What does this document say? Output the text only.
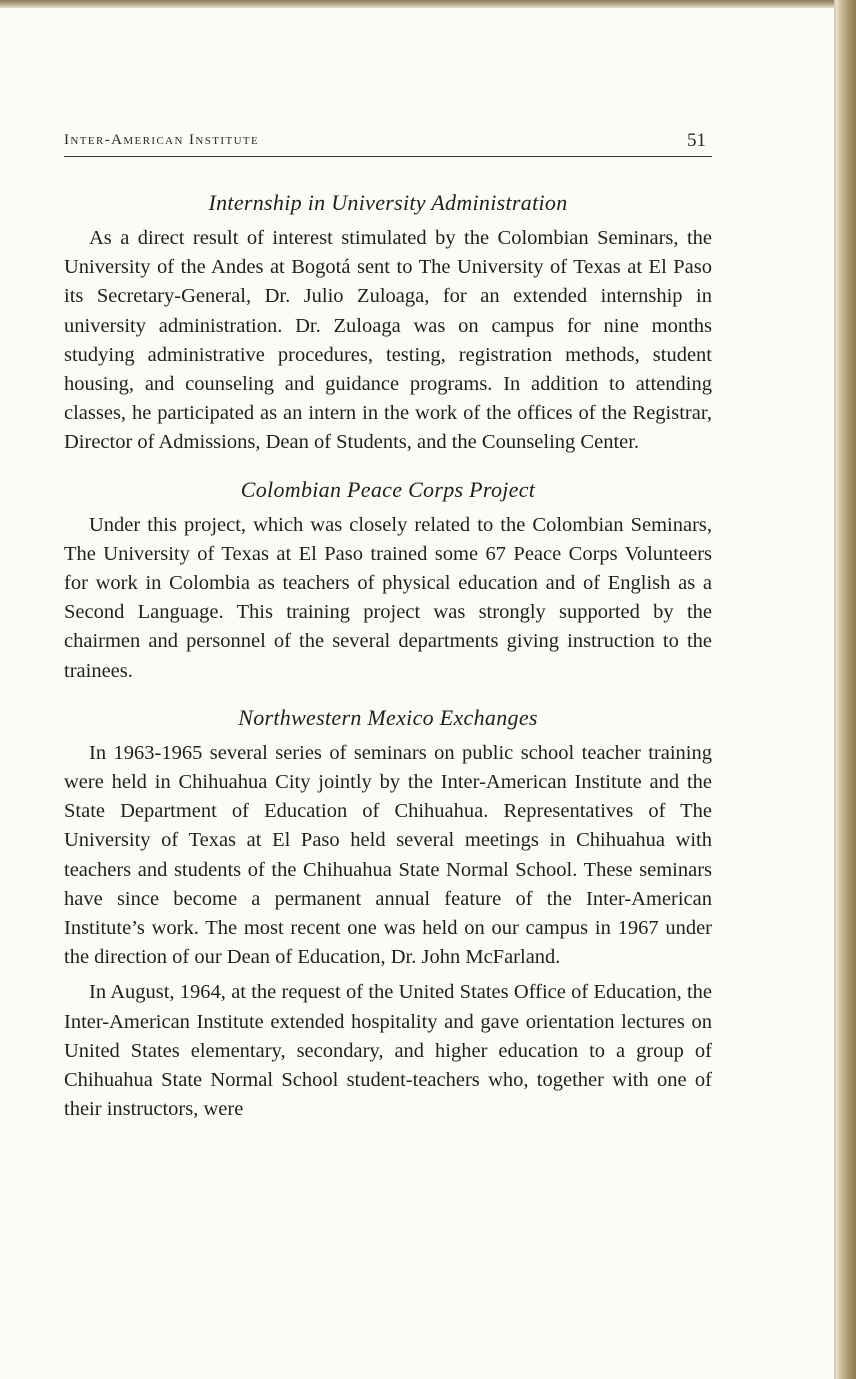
Inter-American Institute	51
Internship in University Administration

As a direct result of interest stimulated by the Colombian Seminars, the University of the Andes at Bogotá sent to The University of Texas at El Paso its Secretary-General, Dr. Julio Zuloaga, for an extended internship in university administration. Dr. Zuloaga was on campus for nine months studying administrative procedures, testing, registration methods, student housing, and counseling and guidance programs. In addition to attending classes, he participated as an intern in the work of the offices of the Registrar, Director of Admissions, Dean of Students, and the Counseling Center.

Colombian Peace Corps Project

Under this project, which was closely related to the Colombian Seminars, The University of Texas at El Paso trained some 67 Peace Corps Volunteers for work in Colombia as teachers of physical education and of English as a Second Language. This training project was strongly supported by the chairmen and personnel of the several departments giving instruction to the trainees.

Northwestern Mexico Exchanges

In 1963-1965 several series of seminars on public school teacher training were held in Chihuahua City jointly by the Inter-American Institute and the State Department of Education of Chihuahua. Representatives of The University of Texas at El Paso held several meetings in Chihuahua with teachers and students of the Chihuahua State Normal School. These seminars have since become a permanent annual feature of the Inter-American Institute’s work. The most recent one was held on our campus in 1967 under the direction of our Dean of Education, Dr. John McFarland.

In August, 1964, at the request of the United States Office of Education, the Inter-American Institute extended hospitality and gave orientation lectures on United States elementary, secondary, and higher education to a group of Chihuahua State Normal School student-teachers who, together with one of their instructors, were
